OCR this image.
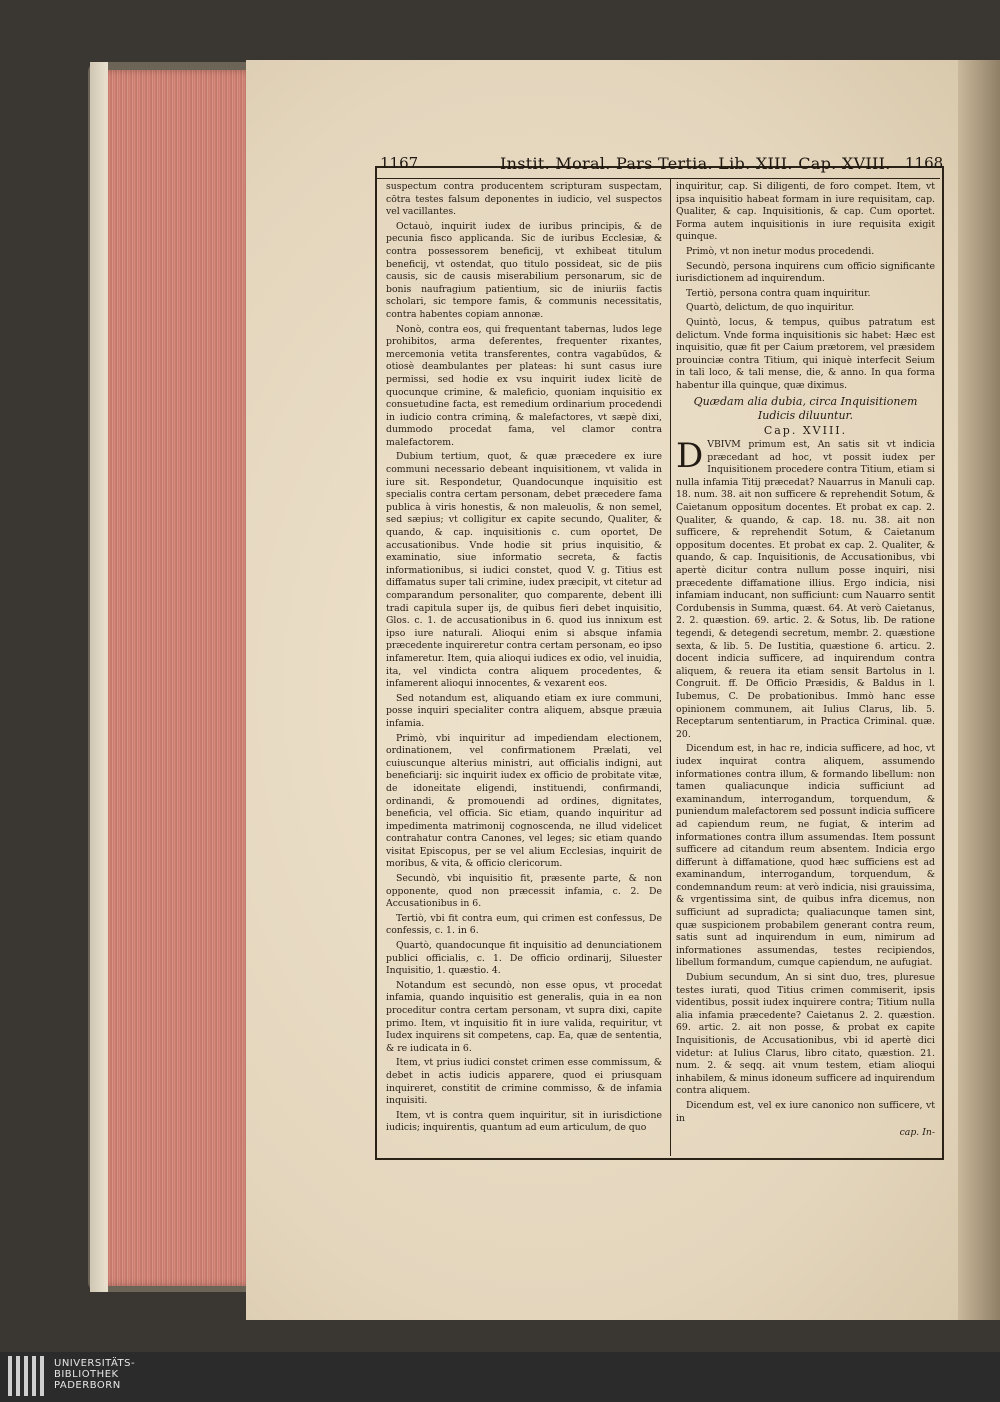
1167	Instit. Moral. Pars Tertia. Lib. XIII. Cap. XVIII. 1168

suspectum contra producentem scripturam suspectam, cōtra testes falsum deponentes in iudicio, vel suspectos vel vacillantes.

Octauò, inquirit iudex de iuribus principis, & de pecunia fisco applicanda. Sic de iuribus Ecclesiæ, & contra possessorem beneficij, vt exhibeat titulum beneficij, vt ostendat, quo titulo possideat, sic de piis causis, sic de causis miserabilium personarum, sic de bonis naufragium patientium, sic de iniuriis factis scholari, sic tempore famis, & communis necessitatis, contra habentes copiam annonæ.

Nonò, contra eos, qui frequentant tabernas, ludos lege prohibitos, arma deferentes, frequenter rixantes, mercemonia vetita transferentes, contra vagabūdos, & otiosè deambulantes per plateas: hi sunt casus iure permissi, sed hodie ex vsu inquirit iudex licitè de quocunque crimine, & maleficio, quoniam inquisitio ex consuetudine facta, est remedium ordinarium procedendi in iudicio contra criminą, & malefactores, vt sæpè dixi, dummodo procedat fama, vel clamor contra malefactorem.

Dubium tertium, quot, & quæ præcedere ex iure communi necessario debeant inquisitionem, vt valida in iure sit. Respondetur, Quandocunque inquisitio est specialis contra certam personam, debet præcedere fama publica à viris honestis, & non maleuolis, & non semel, sed sæpius; vt colligitur ex capite secundo, Qualiter, & quando, & cap. inquisitionis c. cum oportet, De accusationibus. Vnde hodie sit prius inquisitio, & examinatio, siue informatio secreta, & factis informationibus, si iudici constet, quod V. g. Titius est diffamatus super tali crimine, iudex præcipit, vt citetur ad comparandum personaliter, quo comparente, debent illi tradi capitula super ijs, de quibus fieri debet inquisitio, Glos. c. 1. de accusationibus in 6. quod ius innixum est ipso iure naturali. Alioqui enim si absque infamia præcedente inquireretur contra certam personam, eo ipso infameretur. Item, quia alioqui iudices ex odio, vel inuidia, ita, vel vindicta contra aliquem procedentes, & infamerent alioqui innocentes, & vexarent eos.

Sed notandum est, aliquando etiam ex iure communi, posse inquiri specialiter contra aliquem, absque præuia infamia.

Primò, vbi inquiritur ad impediendam electionem, ordinationem, vel confirmationem Prælati, vel cuiuscunque alterius ministri, aut officialis indigni, aut beneficiarij: sic inquirit iudex ex officio de probitate vitæ, de idoneitate eligendi, instituendi, confirmandi, ordinandi, & promouendi ad ordines, dignitates, beneficia, vel officia. Sic etiam, quando inquiritur ad impedimenta matrimonij cognoscenda, ne illud videlicet contrahatur contra Canones, vel leges; sic etiam quando visitat Episcopus, per se vel alium Ecclesias, inquirit de moribus, & vita, & officio clericorum.

Secundò, vbi inquisitio fit, præsente parte, & non opponente, quod non præcessit infamia, c. 2. De Accusationibus in 6.

Tertiò, vbi fit contra eum, qui crimen est confessus, De confessis, c. 1. in 6.

Quartò, quandocunque fit inquisitio ad denunciationem publici officialis, c. 1. De officio ordinarij, Siluester Inquisitio, 1. quæstio. 4.

Notandum est secundò, non esse opus, vt procedat infamia, quando inquisitio est generalis, quia in ea non proceditur contra certam personam, vt supra dixi, capite primo. Item, vt inquisitio fit in iure valida, requiritur, vt Iudex inquirens sit competens, cap. Ea, quæ de sententia, & re iudicata in 6.

Item, vt prius iudici constet crimen esse commissum, & debet in actis iudicis apparere, quod ei priusquam inquireret, constitit de crimine commisso, & de infamia inquisiti.

Item, vt is contra quem inquiritur, sit in iurisdictione iudicis; inquirentis, quantum ad eum articulum, de quo

inquiritur, cap. Si diligenti, de foro compet. Item, vt ipsa inquisitio habeat formam in iure requisitam, cap. Qualiter, & cap. Inquisitionis, & cap. Cum oportet. Forma autem inquisitionis in iure requisita exigit quinque.

Primò, vt non inetur modus procedendi.

Secundò, persona inquirens cum officio significante iurisdictionem ad inquirendum.

Tertiò, persona contra quam inquiritur.

Quartò, delictum, de quo inquiritur.

Quintò, locus, & tempus, quibus patratum est delictum. Vnde forma inquisitionis sic habet: Hæc est inquisitio, quæ fit per Caium prætorem, vel præsidem prouinciæ contra Titium, qui iniquè interfecit Seium in tali loco, & tali mense, die, & anno. In qua forma habentur illa quinque, quæ diximus.

Quædam alia dubia, circa Inquisitionem
Iudicis diluuntur.

Cap. XVIII.

DVBIVM primum est, An satis sit vt indicia præcedant ad hoc, vt possit iudex per Inquisitionem procedere contra Titium, etiam si nulla infamia Titij præcedat? Nauarrus in Manuli cap. 18. num. 38. ait non sufficere & reprehendit Sotum, & Caietanum oppositum docentes. Et probat ex cap. 2. Qualiter, & quando, & cap. 18. nu. 38. ait non sufficere, & reprehendit Sotum, & Caietanum oppositum docentes. Et probat ex cap. 2. Qualiter, & quando, & cap. Inquisitionis, de Accusationibus, vbi apertè dicitur contra nullum posse inquiri, nisi præcedente diffamatione illius. Ergo indicia, nisi infamiam inducant, non sufficiunt: cum Nauarro sentit Cordubensis in Summa, quæst. 64. At verò Caietanus, 2. 2. quæstion. 69. artic. 2. & Sotus, lib. De ratione tegendi, & detegendi secretum, membr. 2. quæstione sexta, & lib. 5. De Iustitia, quæstione 6. articu. 2. docent indicia sufficere, ad inquirendum contra aliquem, & reuera ita etiam sensit Bartolus in l. Congruit. ff. De Officio Præsidis, & Baldus in l. Iubemus, C. De probationibus. Immò hanc esse opinionem communem, ait Iulius Clarus, lib. 5. Receptarum sententiarum, in Practica Criminal. quæ. 20.

Dicendum est, in hac re, indicia sufficere, ad hoc, vt iudex inquirat contra aliquem, assumendo informationes contra illum, & formando libellum: non tamen qualiacunque indicia sufficiunt ad examinandum, interrogandum, torquendum, & puniendum malefactorem sed possunt indicia sufficere ad capiendum reum, ne fugiat, & interim ad informationes contra illum assumendas. Item possunt sufficere ad citandum reum absentem. Indicia ergo differunt à diffamatione, quod hæc sufficiens est ad examinandum, interrogandum, torquendum, & condemnandum reum: at verò indicia, nisi grauissima, & vrgentissima sint, de quibus infra dicemus, non sufficiunt ad supradicta; qualiacunque tamen sint, quæ suspicionem probabilem generant contra reum, satis sunt ad inquirendum in eum, nimirum ad informationes assumendas, testes recipiendos, libellum formandum, cumque capiendum, ne aufugiat.

Dubium secundum, An si sint duo, tres, pluresue testes iurati, quod Titius crimen commiserit, ipsis videntibus, possit iudex inquirere contra; Titium nulla alia infamia præcedente? Caietanus 2. 2. quæstion. 69. artic. 2. ait non posse, & probat ex capite Inquisitionis, de Accusationibus, vbi id apertè dici videtur: at Iulius Clarus, libro citato, quæstion. 21. num. 2. & seqq. ait vnum testem, etiam alioqui inhabilem, & minus idoneum sufficere ad inquirendum contra aliquem.

Dicendum est, vel ex iure canonico non sufficere, vt in

cap. In-

UNIVERSITÄTS-
BIBLIOTHEK
PADERBORN
